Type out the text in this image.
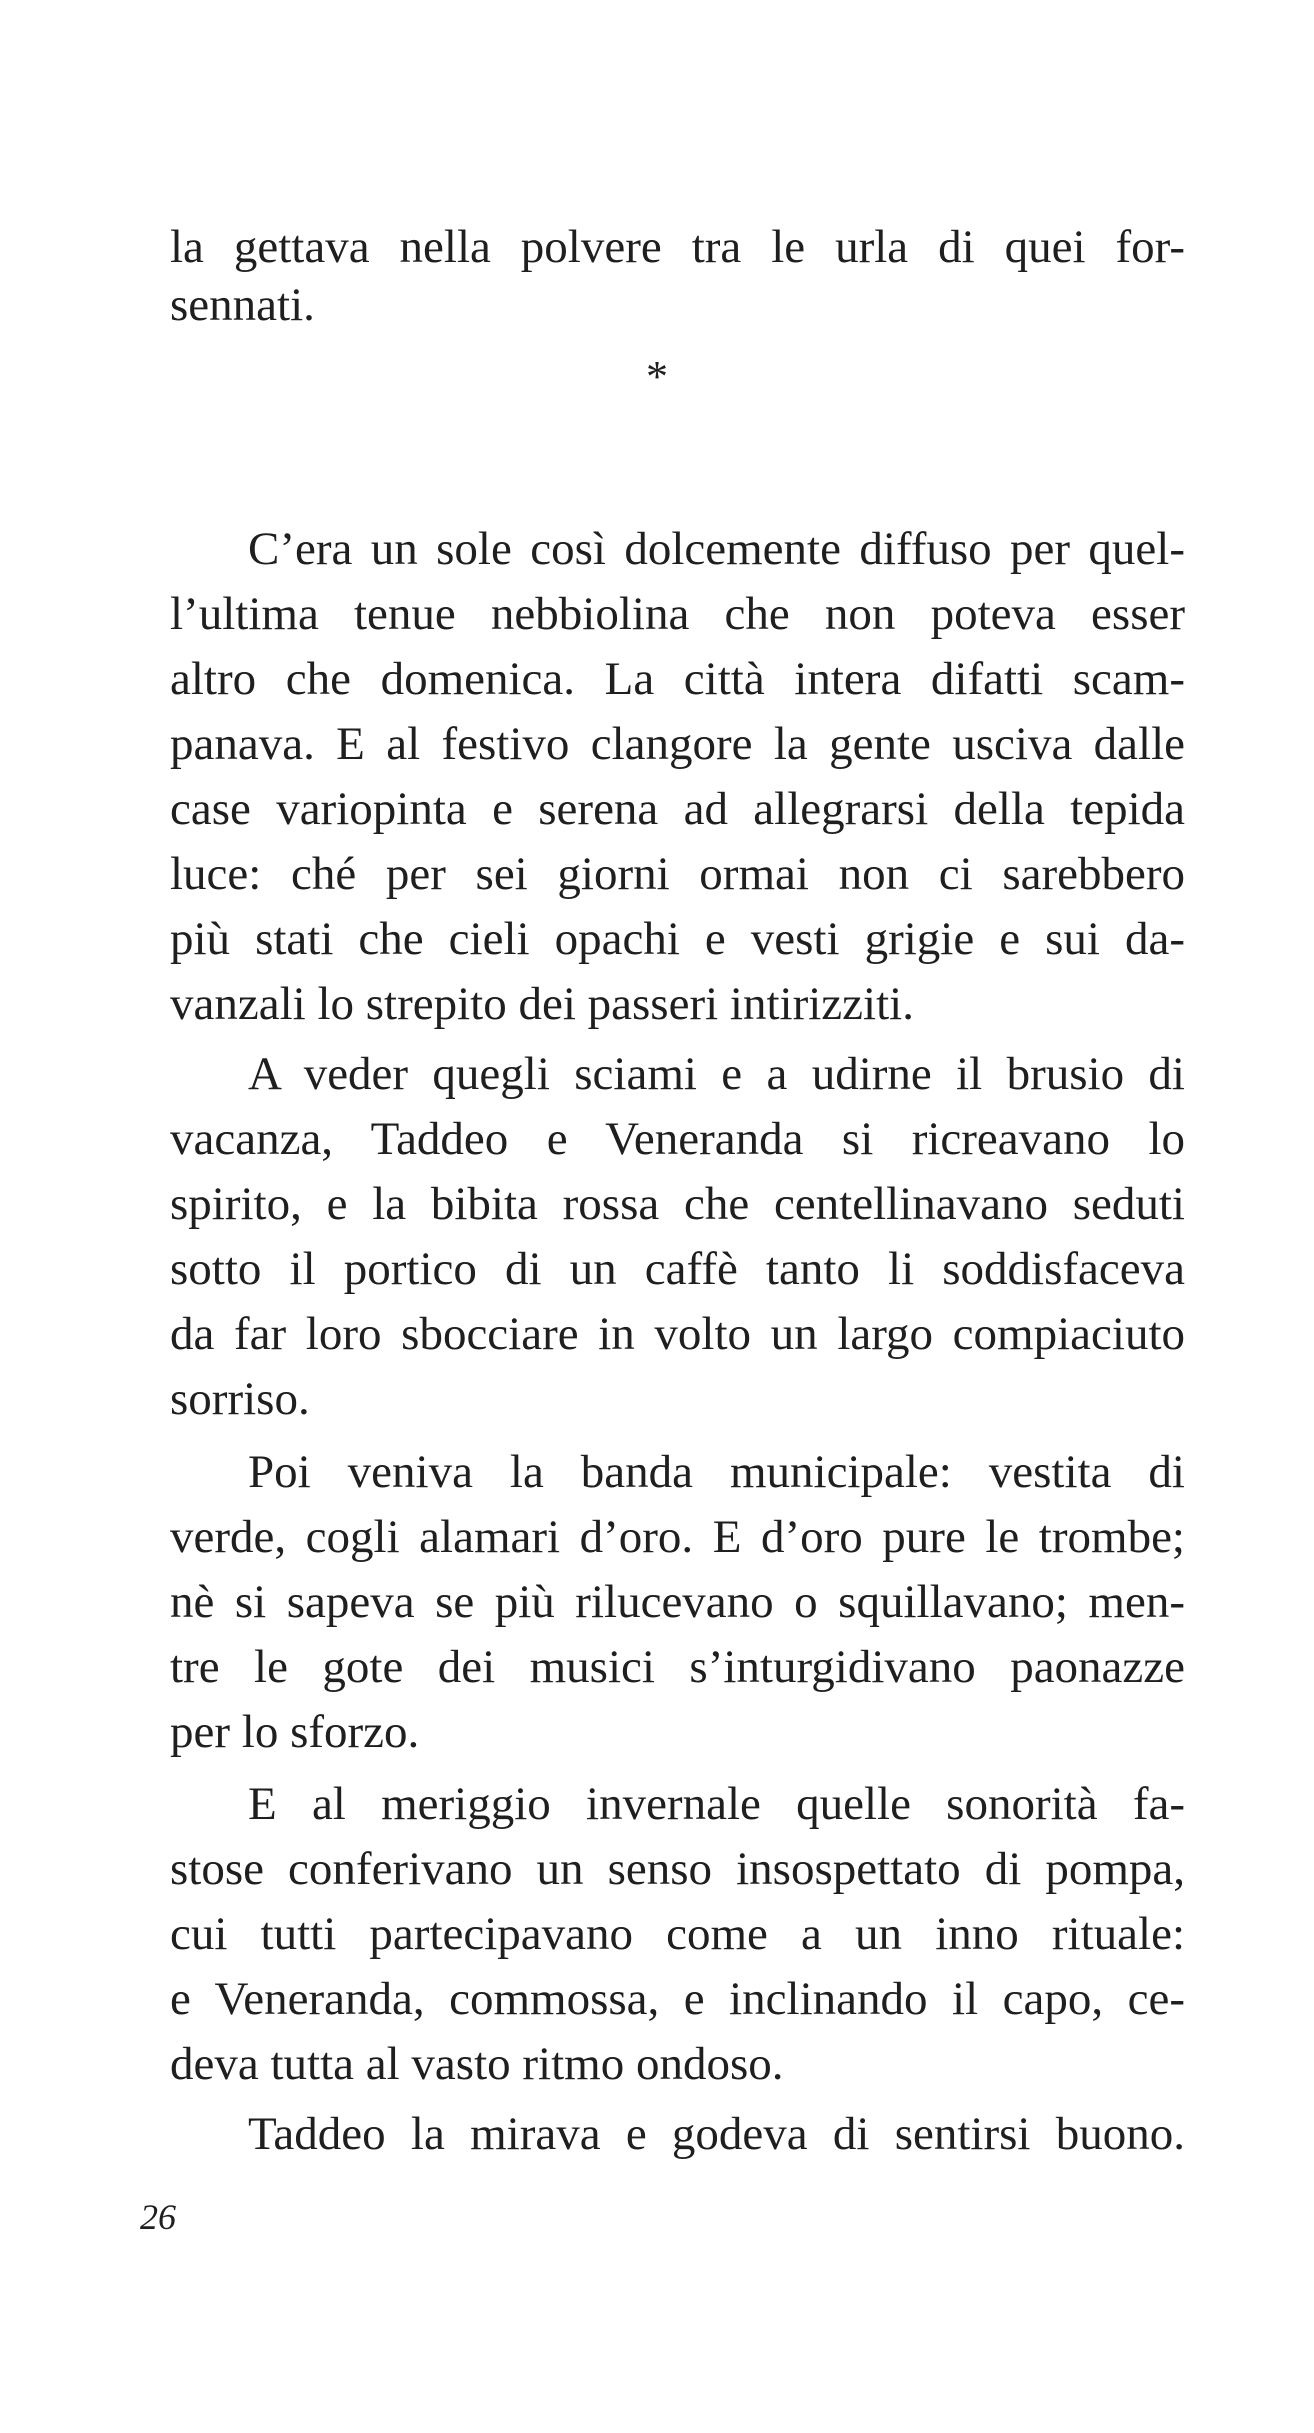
la gettava nella polvere tra le urla di quei for-
sennati.
*
C’era un sole così dolcemente diffuso per quel-
l’ultima tenue nebbiolina che non poteva esser
altro che domenica. La città intera difatti scam-
panava. E al festivo clangore la gente usciva dalle
case variopinta e serena ad allegrarsi della tepida
luce: ché per sei giorni ormai non ci sarebbero
più stati che cieli opachi e vesti grigie e sui da-
vanzali lo strepito dei passeri intirizziti.
A veder quegli sciami e a udirne il brusio di
vacanza, Taddeo e Veneranda si ricreavano lo
spirito, e la bibita rossa che centellinavano seduti
sotto il portico di un caffè tanto li soddisfaceva
da far loro sbocciare in volto un largo compiaciuto
sorriso.
Poi veniva la banda municipale: vestita di
verde, cogli alamari d’oro. E d’oro pure le trombe;
nè si sapeva se più rilucevano o squillavano; men-
tre le gote dei musici s’inturgidivano paonazze
per lo sforzo.
E al meriggio invernale quelle sonorità fa-
stose conferivano un senso insospettato di pompa,
cui tutti partecipavano come a un inno rituale:
e Veneranda, commossa, e inclinando il capo, ce-
deva tutta al vasto ritmo ondoso.
Taddeo la mirava e godeva di sentirsi buono.
26
